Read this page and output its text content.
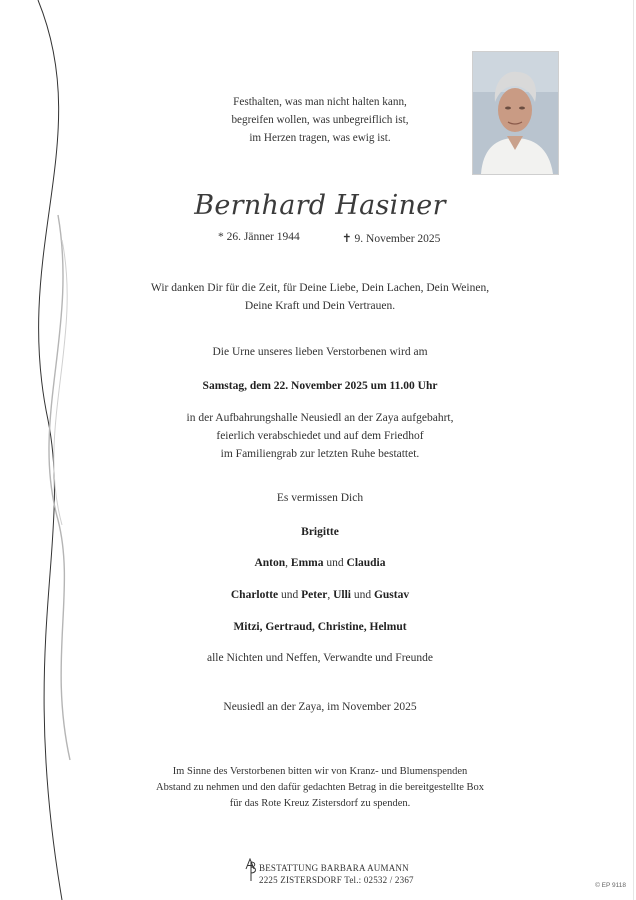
Festhalten, was man nicht halten kann,
begreifen wollen, was unbegreiflich ist,
im Herzen tragen, was ewig ist.
Bernhard Hasiner
* 26. Jänner 1944	✝ 9. November 2025
Wir danken Dir für die Zeit, für Deine Liebe, Dein Lachen, Dein Weinen,
Deine Kraft und Dein Vertrauen.
Die Urne unseres lieben Verstorbenen wird am
Samstag, dem 22. November 2025 um 11.00 Uhr
in der Aufbahrungshalle Neusiedl an der Zaya aufgebahrt,
feierlich verabschiedet und auf dem Friedhof
im Familiengrab zur letzten Ruhe bestattet.
Es vermissen Dich
Brigitte
Anton, Emma und Claudia
Charlotte und Peter, Ulli und Gustav
Mitzi, Gertraud, Christine, Helmut
alle Nichten und Neffen, Verwandte und Freunde
Neusiedl an der Zaya, im November 2025
Im Sinne des Verstorbenen bitten wir von Kranz- und Blumenspenden
Abstand zu nehmen und den dafür gedachten Betrag in die bereitgestellte Box
für das Rote Kreuz Zistersdorf zu spenden.
BESTATTUNG BARBARA AUMANN
2225 ZISTERSDORF Tel.: 02532 / 2367
© EP 9118
